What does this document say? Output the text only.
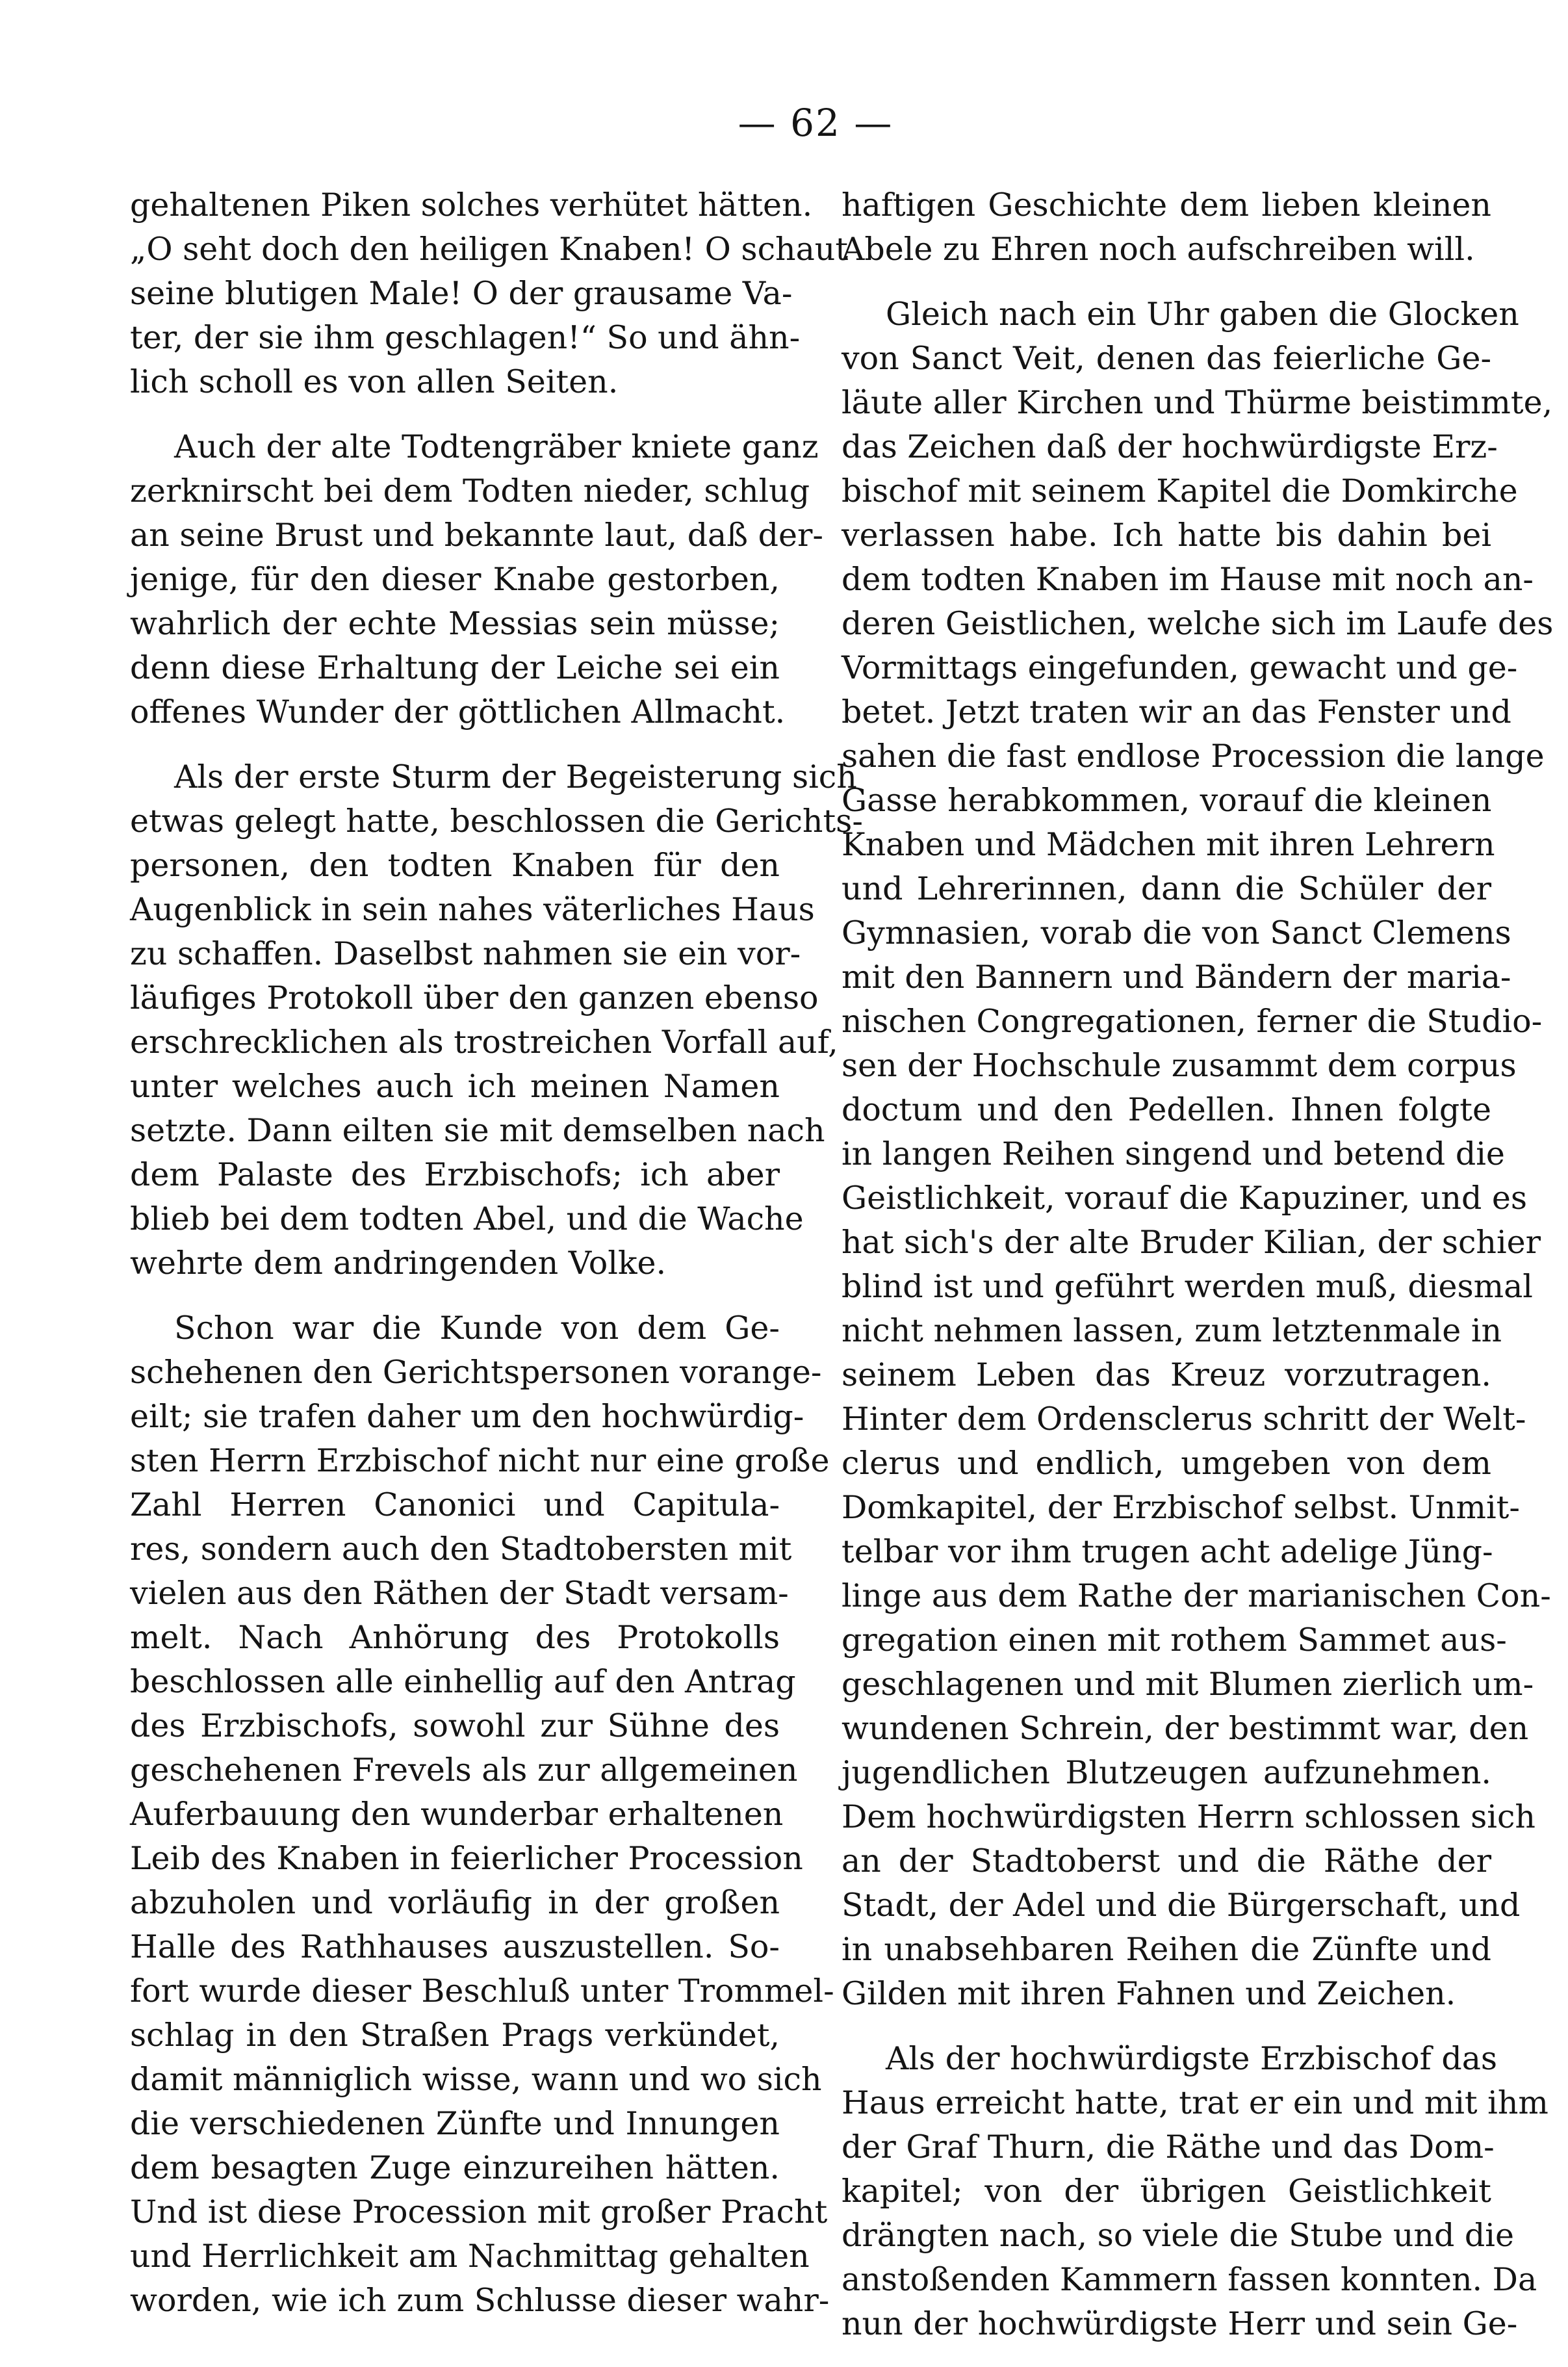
— 62 —
gehaltenen Piken solches verhütet hätten.
„O seht doch den heiligen Knaben! O schaut
seine blutigen Male! O der grausame Va-
ter, der sie ihm geschlagen!“ So und ähn-
lich scholl es von allen Seiten.
Auch der alte Todtengräber kniete ganz
zerknirscht bei dem Todten nieder, schlug
an seine Brust und bekannte laut, daß der-
jenige, für den dieser Knabe gestorben,
wahrlich der echte Messias sein müsse;
denn diese Erhaltung der Leiche sei ein
offenes Wunder der göttlichen Allmacht.
Als der erste Sturm der Begeisterung sich
etwas gelegt hatte, beschlossen die Gerichts-
personen, den todten Knaben für den
Augenblick in sein nahes väterliches Haus
zu schaffen. Daselbst nahmen sie ein vor-
läufiges Protokoll über den ganzen ebenso
erschrecklichen als trostreichen Vorfall auf,
unter welches auch ich meinen Namen
setzte. Dann eilten sie mit demselben nach
dem Palaste des Erzbischofs; ich aber
blieb bei dem todten Abel, und die Wache
wehrte dem andringenden Volke.
Schon war die Kunde von dem Ge-
schehenen den Gerichtspersonen vorange-
eilt; sie trafen daher um den hochwürdig-
sten Herrn Erzbischof nicht nur eine große
Zahl Herren Canonici und Capitula-
res, sondern auch den Stadtobersten mit
vielen aus den Räthen der Stadt versam-
melt. Nach Anhörung des Protokolls
beschlossen alle einhellig auf den Antrag
des Erzbischofs, sowohl zur Sühne des
geschehenen Frevels als zur allgemeinen
Auferbauung den wunderbar erhaltenen
Leib des Knaben in feierlicher Procession
abzuholen und vorläufig in der großen
Halle des Rathhauses auszustellen. So-
fort wurde dieser Beschluß unter Trommel-
schlag in den Straßen Prags verkündet,
damit männiglich wisse, wann und wo sich
die verschiedenen Zünfte und Innungen
dem besagten Zuge einzureihen hätten.
Und ist diese Procession mit großer Pracht
und Herrlichkeit am Nachmittag gehalten
worden, wie ich zum Schlusse dieser wahr-
haftigen Geschichte dem lieben kleinen
Abele zu Ehren noch aufschreiben will.
Gleich nach ein Uhr gaben die Glocken
von Sanct Veit, denen das feierliche Ge-
läute aller Kirchen und Thürme beistimmte,
das Zeichen daß der hochwürdigste Erz-
bischof mit seinem Kapitel die Domkirche
verlassen habe. Ich hatte bis dahin bei
dem todten Knaben im Hause mit noch an-
deren Geistlichen, welche sich im Laufe des
Vormittags eingefunden, gewacht und ge-
betet. Jetzt traten wir an das Fenster und
sahen die fast endlose Procession die lange
Gasse herabkommen, vorauf die kleinen
Knaben und Mädchen mit ihren Lehrern
und Lehrerinnen, dann die Schüler der
Gymnasien, vorab die von Sanct Clemens
mit den Bannern und Bändern der maria-
nischen Congregationen, ferner die Studio-
sen der Hochschule zusammt dem corpus
doctum und den Pedellen. Ihnen folgte
in langen Reihen singend und betend die
Geistlichkeit, vorauf die Kapuziner, und es
hat sich's der alte Bruder Kilian, der schier
blind ist und geführt werden muß, diesmal
nicht nehmen lassen, zum letztenmale in
seinem Leben das Kreuz vorzutragen.
Hinter dem Ordensclerus schritt der Welt-
clerus und endlich, umgeben von dem
Domkapitel, der Erzbischof selbst. Unmit-
telbar vor ihm trugen acht adelige Jüng-
linge aus dem Rathe der marianischen Con-
gregation einen mit rothem Sammet aus-
geschlagenen und mit Blumen zierlich um-
wundenen Schrein, der bestimmt war, den
jugendlichen Blutzeugen aufzunehmen.
Dem hochwürdigsten Herrn schlossen sich
an der Stadtoberst und die Räthe der
Stadt, der Adel und die Bürgerschaft, und
in unabsehbaren Reihen die Zünfte und
Gilden mit ihren Fahnen und Zeichen.
Als der hochwürdigste Erzbischof das
Haus erreicht hatte, trat er ein und mit ihm
der Graf Thurn, die Räthe und das Dom-
kapitel; von der übrigen Geistlichkeit
drängten nach, so viele die Stube und die
anstoßenden Kammern fassen konnten. Da
nun der hochwürdigste Herr und sein Ge-
